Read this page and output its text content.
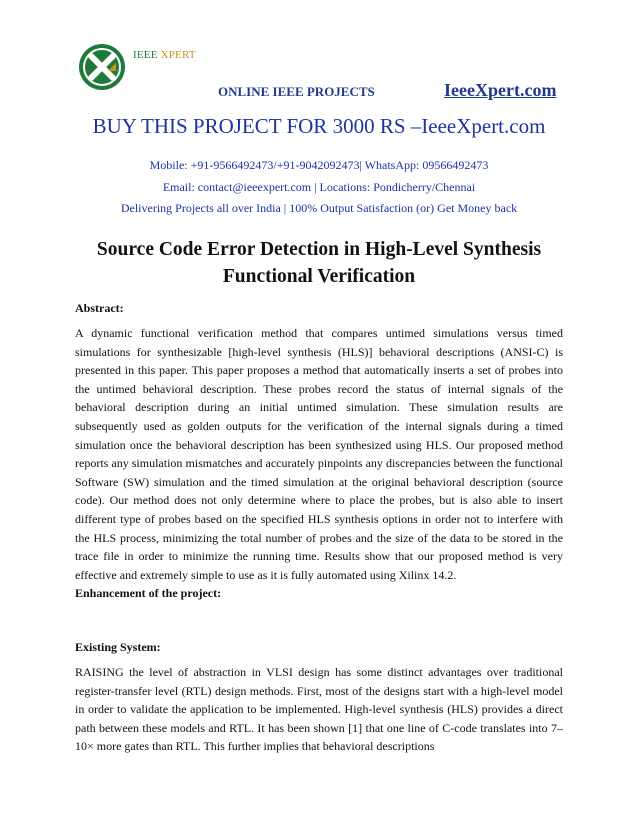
IEEE XPERT
ONLINE IEEE PROJECTS	IeeeXpert.com
BUY THIS PROJECT FOR 3000 RS –IeeeXpert.com
Mobile: +91-9566492473/+91-9042092473| WhatsApp: 09566492473
Email: contact@ieeexpert.com | Locations: Pondicherry/Chennai
Delivering Projects all over India | 100% Output Satisfaction (or) Get Money back
Source Code Error Detection in High-Level Synthesis Functional Verification
Abstract:
A dynamic functional verification method that compares untimed simulations versus timed simulations for synthesizable [high-level synthesis (HLS)] behavioral descriptions (ANSI-C) is presented in this paper. This paper proposes a method that automatically inserts a set of probes into the untimed behavioral description. These probes record the status of internal signals of the behavioral description during an initial untimed simulation. These simulation results are subsequently used as golden outputs for the verification of the internal signals during a timed simulation once the behavioral description has been synthesized using HLS. Our proposed method reports any simulation mismatches and accurately pinpoints any discrepancies between the functional Software (SW) simulation and the timed simulation at the original behavioral description (source code). Our method does not only determine where to place the probes, but is also able to insert different type of probes based on the specified HLS synthesis options in order not to interfere with the HLS process, minimizing the total number of probes and the size of the data to be stored in the trace file in order to minimize the running time. Results show that our proposed method is very effective and extremely simple to use as it is fully automated using Xilinx 14.2.
Enhancement of the project:
Existing System:
RAISING the level of abstraction in VLSI design has some distinct advantages over traditional register-transfer level (RTL) design methods. First, most of the designs start with a high-level model in order to validate the application to be implemented. High-level synthesis (HLS) provides a direct path between these models and RTL. It has been shown [1] that one line of C-code translates into 7–10× more gates than RTL. This further implies that behavioral descriptions
